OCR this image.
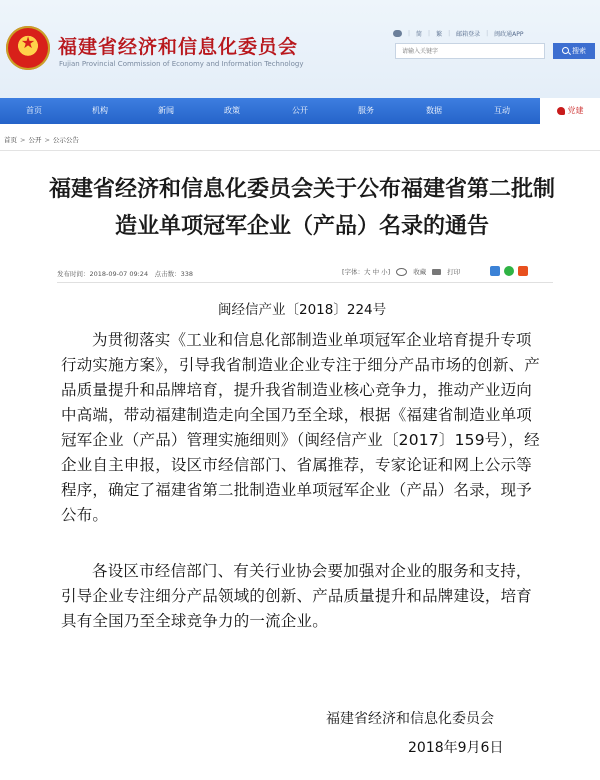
★
福建省经济和信息化委员会
Fujian Provincial Commission of Economy and Information Technology
| 简 | 繁 | 邮箱登录 | 闽政通APP
请输入关键字
搜索
首页	机构	新闻	政策	公开	服务	数据	互动	党建
首页 > 公开 > 公示公告
福建省经济和信息化委员会关于公布福建省第二批制造业单项冠军企业（产品）名录的通告
发布时间：2018-09-07 09:24　点击数：338	[字体：大 中 小]	收藏	打印
闽经信产业〔2018〕224号

为贯彻落实《工业和信息化部制造业单项冠军企业培育提升专项行动实施方案》，引导我省制造业企业专注于细分产品市场的创新、产品质量提升和品牌培育，提升我省制造业核心竞争力，推动产业迈向中高端，带动福建制造走向全国乃至全球，根据《福建省制造业单项冠军企业（产品）管理实施细则》（闽经信产业〔2017〕159号），经企业自主申报，设区市经信部门、省属推荐，专家论证和网上公示等程序，确定了福建省第二批制造业单项冠军企业（产品）名录，现予公布。

各设区市经信部门、有关行业协会要加强对企业的服务和支持，引导企业专注细分产品领域的创新、产品质量提升和品牌建设，培育具有全国乃至全球竞争力的一流企业。

福建省经济和信息化委员会
2018年9月6日
